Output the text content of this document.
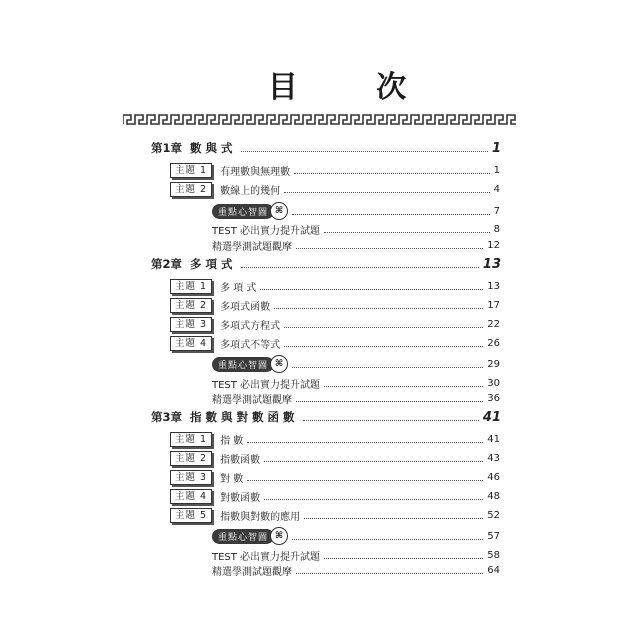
目 次
第1章 數與式	1
主題 1	有理數與無理數	1
主題 2	數線上的幾何	4
重點心智圖 ⌘	7
TEST 必出實力提升試題	8
精選學測試題觀摩	12
第2章 多項式	13
主題 1	多 項 式	13
主題 2	多項式函數	17
主題 3	多項式方程式	22
主題 4	多項式不等式	26
重點心智圖 ⌘	29
TEST 必出實力提升試題	30
精選學測試題觀摩	36
第3章 指數與對數函數	41
主題 1	指 數	41
主題 2	指數函數	43
主題 3	對 數	46
主題 4	對數函數	48
主題 5	指數與對數的應用	52
重點心智圖 ⌘	57
TEST 必出實力提升試題	58
精選學測試題觀摩	64
